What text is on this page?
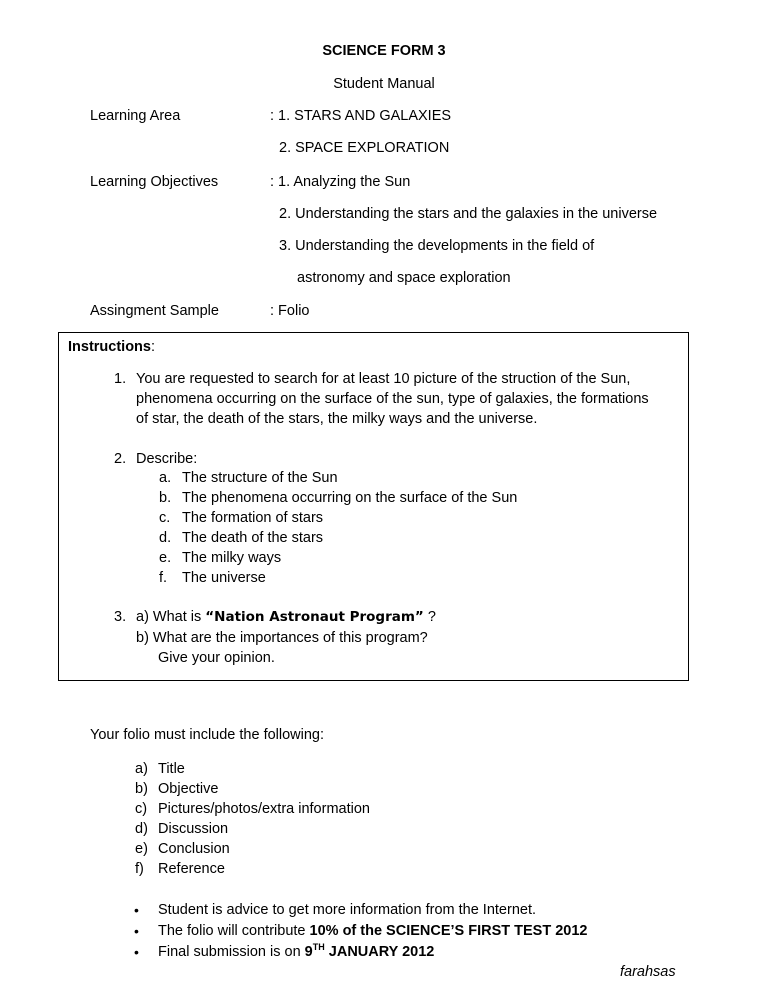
SCIENCE FORM 3
Student Manual
Learning Area	: 1. STARS AND GALAXIES
2. SPACE EXPLORATION
Learning Objectives	: 1. Analyzing the Sun
2. Understanding the stars and the galaxies in the universe
3. Understanding the developments in the field of
astronomy and space exploration
Assingment Sample	: Folio
Instructions:
1. You are requested to search for at least 10 picture of the struction of the Sun,
phenomena occurring on the surface of the sun, type of galaxies, the formations
of star, the death of the stars, the milky ways and the universe.
2. Describe:
a. The structure of the Sun
b. The phenomena occurring on the surface of the Sun
c. The formation of stars
d. The death of the stars
e. The milky ways
f. The universe
3. a) What is “Nation Astronaut Program” ?
b) What are the importances of this program?
Give your opinion.
Your folio must include the following:
a) Title
b) Objective
c) Pictures/photos/extra information
d) Discussion
e) Conclusion
f) Reference
• Student is advice to get more information from the Internet.
• The folio will contribute 10% of the SCIENCE’S FIRST TEST 2012
• Final submission is on 9TH JANUARY 2012
farahsas
